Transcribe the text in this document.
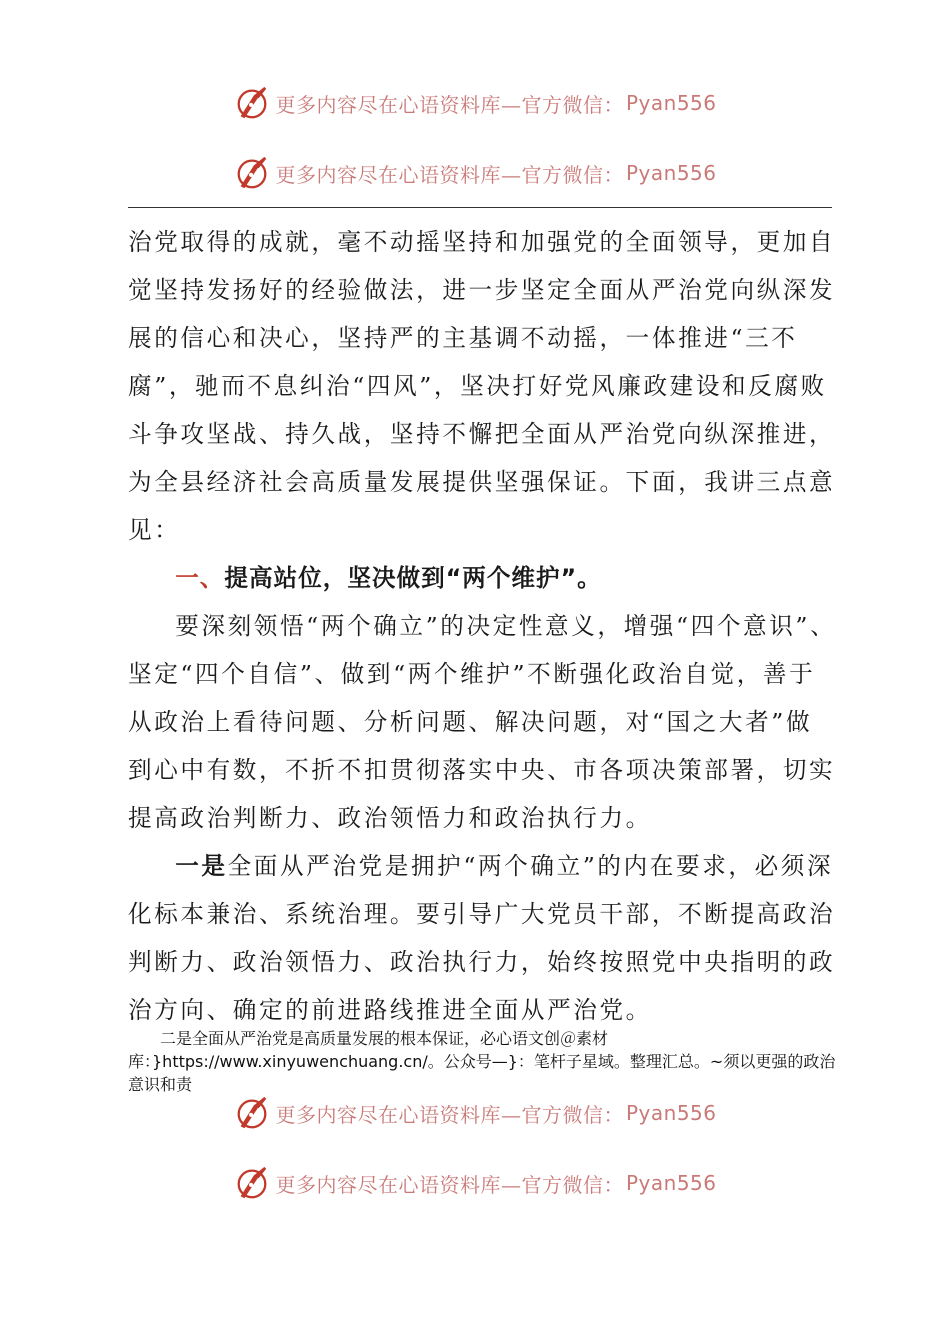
更多内容尽在心语资料库—官方微信： Pyan556
更多内容尽在心语资料库—官方微信： Pyan556

治党取得的成就，毫不动摇坚持和加强党的全面领导，更加自觉坚持发扬好的经验做法，进一步坚定全面从严治党向纵深发展的信心和决心，坚持严的主基调不动摇，一体推进“三不腐”，驰而不息纠治“四风”，坚决打好党风廉政建设和反腐败斗争攻坚战、持久战，坚持不懈把全面从严治党向纵深推进，为全县经济社会高质量发展提供坚强保证。下面，我讲三点意见：

一、提高站位，坚决做到“两个维护”。

要深刻领悟“两个确立”的决定性意义，增强“四个意识”、坚定“四个自信”、做到“两个维护”不断强化政治自觉，善于从政治上看待问题、分析问题、解决问题，对“国之大者”做到心中有数，不折不扣贯彻落实中央、市各项决策部署，切实提高政治判断力、政治领悟力和政治执行力。

一是全面从严治党是拥护“两个确立”的内在要求，必须深化标本兼治、系统治理。要引导广大党员干部，不断提高政治判断力、政治领悟力、政治执行力，始终按照党中央指明的政治方向、确定的前进路线推进全面从严治党。

二是全面从严治党是高质量发展的根本保证，必心语文创＠素材库：}https://www.xinyuwenchuang.cn/。公众号—}：笔杆子星域。整理汇总。~须以更强的政治意识和责

更多内容尽在心语资料库—官方微信： Pyan556
更多内容尽在心语资料库—官方微信： Pyan556
